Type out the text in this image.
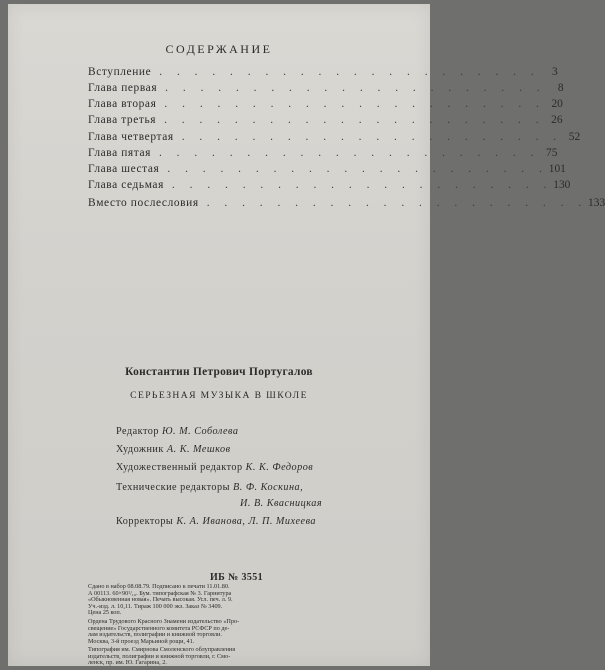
СОДЕРЖАНИЕ
Вступление . . . . . . . . . . . . . . . . . . . . . .	3
Глава первая . . . . . . . . . . . . . . . . . . . . . .	8
Глава вторая . . . . . . . . . . . . . . . . . . . . . . 20
Глава третья . . . . . . . . . . . . . . . . . . . . . . 26
Глава четвертая . . . . . . . . . . . . . . . . . . . . . . 52
Глава пятая . . . . . . . . . . . . . . . . . . . . . . 75
Глава шестая . . . . . . . . . . . . . . . . . . . . . . 101
Глава седьмая . . . . . . . . . . . . . . . . . . . . . . 130
Вместо послесловия . . . . . . . . . . . . . . . . . . . . . . 133
Константин Петрович Португалов
СЕРЬЕЗНАЯ МУЗЫКА В ШКОЛЕ
Редактор Ю. М. Соболева
Художник А. К. Мешков
Художественный редактор К. К. Федоров
Технические редакторы В. Ф. Коскина,
И. В. Квасницкая
Корректоры К. А. Иванова, Л. П. Михеева
ИБ № 3551
Сдано в набор 08.08.79. Подписано к печати 11.01.80.
А 00113. 60×90¹/₁₆. Бум. типографская № 3. Гарнитура
«Обыкновенная новая». Печать высокая. Усл. печ. л. 9.
Уч.-изд. л. 10,11. Тираж 100 000 экз. Заказ № 3409.
Цена 25 коп.
Ордена Трудового Красного Знамени издательство «Про-
свещение» Государственного комитета РСФСР по де-
лам издательств, полиграфии и книжной торговли.
Москва, 3-й проезд Марьиной рощи, 41.
Типография им. Смирнова Смоленского облуправления
издательств, полиграфии и книжной торговли, г. Смо-
ленск, пр. им. Ю. Гагарина, 2.
